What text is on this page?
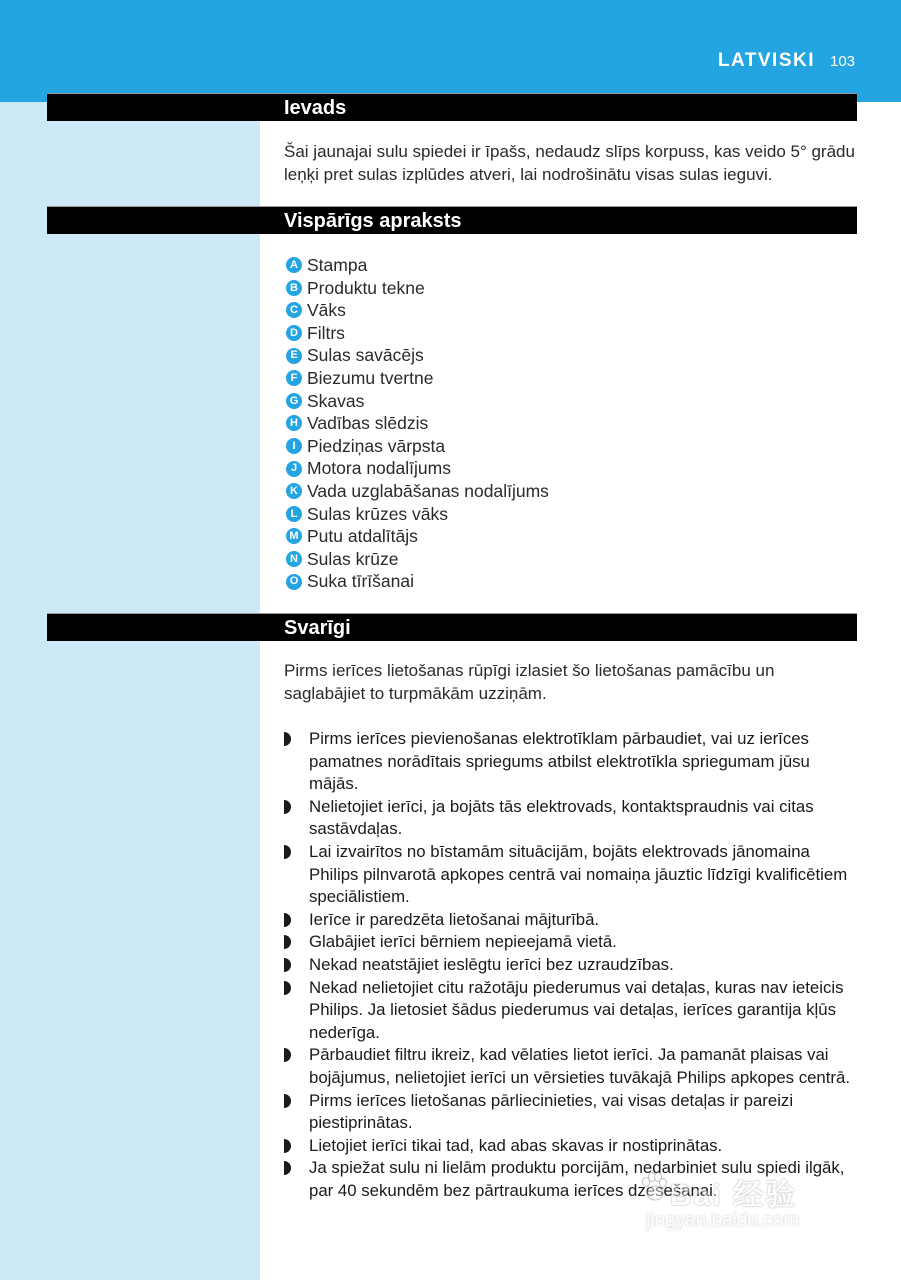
LATVISKI 103
Ievads
Šai jaunajai sulu spiedei ir īpašs, nedaudz slīps korpuss, kas veido 5° grādu leņķi pret sulas izplūdes atveri, lai nodrošinātu visas sulas ieguvi.
Vispārīgs apraksts
A Stampa
B Produktu tekne
C Vāks
D Filtrs
E Sulas savācējs
F Biezumu tvertne
G Skavas
H Vadības slēdzis
I Piedziņas vārpsta
J Motora nodalījums
K Vada uzglabāšanas nodalījums
L Sulas krūzes vāks
M Putu atdalītājs
N Sulas krūze
O Suka tīrīšanai
Svarīgi
Pirms ierīces lietošanas rūpīgi izlasiet šo lietošanas pamācību un saglabājiet to turpmākām uzziņām.
Pirms ierīces pievienošanas elektrotīklam pārbaudiet, vai uz ierīces pamatnes norādītais spriegums atbilst elektrotīkla spriegumam jūsu mājās.
Nelietojiet ierīci, ja bojāts tās elektrovads, kontaktspraudnis vai citas sastāvdaļas.
Lai izvairītos no bīstamām situācijām, bojāts elektrovads jānomaina Philips pilnvarotā apkopes centrā vai nomaiņa jāuztic līdzīgi kvalificētiem speciālistiem.
Ierīce ir paredzēta lietošanai mājturībā.
Glabājiet ierīci bērniem nepieejamā vietā.
Nekad neatstājiet ieslēgtu ierīci bez uzraudzības.
Nekad nelietojiet citu ražotāju piederumus vai detaļas, kuras nav ieteicis Philips. Ja lietosiet šādus piederumus vai detaļas, ierīces garantija kļūs nederīga.
Pārbaudiet filtru ikreiz, kad vēlaties lietot ierīci. Ja pamanāt plaisas vai bojājumus, nelietojiet ierīci un vērsieties tuvākajā Philips apkopes centrā.
Pirms ierīces lietošanas pārliecinieties, vai visas detaļas ir pareizi piestiprinātas.
Lietojiet ierīci tikai tad, kad abas skavas ir nostiprinātas.
Ja spiežat sulu ni lielām produktu porcijām, nedarbiniet sulu spiedi ilgāk, par 40 sekundēm bez pārtraukuma ierīces dzesešanai.
Bai 经验
jingyan.baidu.com
